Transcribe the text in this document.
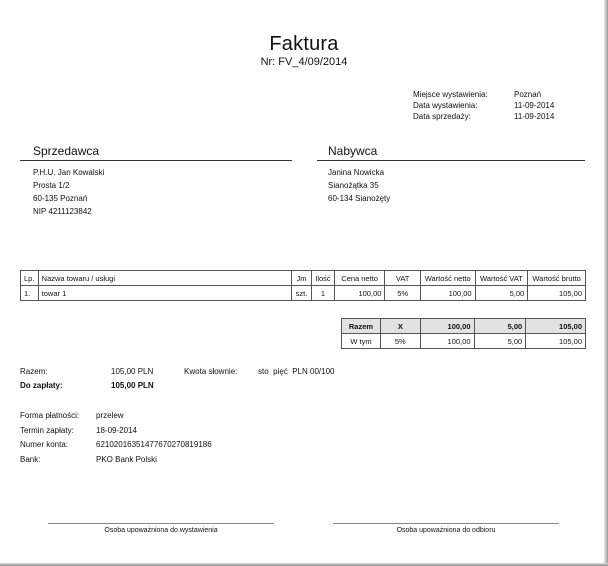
Faktura
Nr: FV_4/09/2014
Miejsce wystawienia:	Poznań
Data wystawienia:	11-09-2014
Data sprzedaży:	11-09-2014
Sprzedawca
P.H.U. Jan Kowalski
Prosta 1/2
60-135 Poznań
NIP 4211123842
Nabywca
Janina Nowicka
Sianożątka 35
60-134 Sianożęty
Lp.	Nazwa towaru / usługi	Jm	Ilość	Cena netto	VAT	Wartość netto	Wartość VAT	Wartość brutto
1.	towar 1	szt.	1	100,00	5%	100,00	5,00	105,00
Razem	X	100,00	5,00	105,00
W tym	5%	100,00	5,00	105,00
Razem:	105,00 PLN	Kwota słownie:	sto  pięć  PLN 00/100
Do zapłaty:	105,00 PLN
Forma płatności:	przelew
Termin zapłaty:	18-09-2014
Numer konta:	62102016351477670270819186
Bank:	PKO Bank Polski
Osoba upoważniona do wystawienia	Osoba upoważniona do odbioru
